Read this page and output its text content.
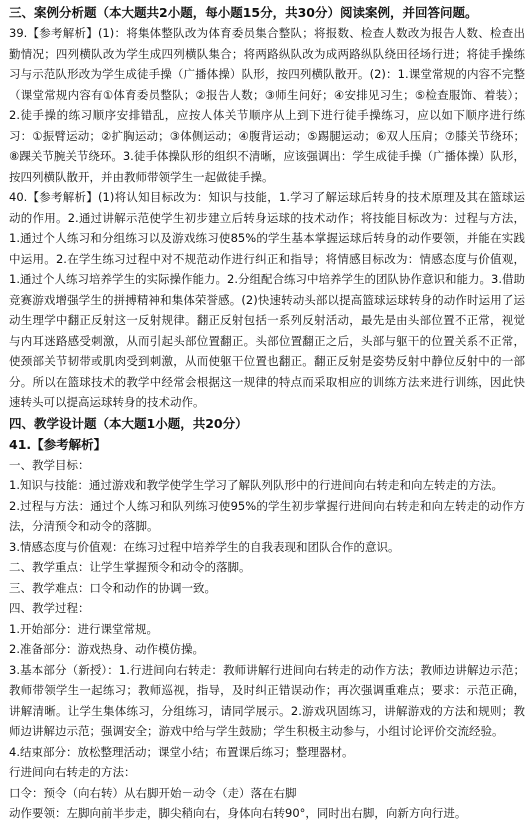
三、案例分析题（本大题共2小题，每小题15分，共30分）阅读案例，并回答问题。

39.【参考解析】(1)：将集体整队改为体育委员集合整队；将报数、检查人数改为报告人数、检查出勤情况；四列横队改为学生成四列横队集合；将两路纵队改为成两路纵队绕田径场行进；将徒手操练习与示范队形改为学生成徒手操（广播体操）队形，按四列横队散开。(2)：1.课堂常规的内容不完整（课堂常规内容有①体育委员整队；②报告人数；③师生问好；④安排见习生；⑤检查服饰、着装）；2.徒手操的练习顺序安排错乱，应按人体关节顺序从上到下进行徒手操练习，应以如下顺序进行练习：①振臂运动；②扩胸运动；③体侧运动；④腹背运动；⑤踢腿运动；⑥双人压肩；⑦膝关节绕环；⑧踝关节腕关节绕环。3.徒手体操队形的组织不清晰，应该强调出：学生成徒手操（广播体操）队形，按四列横队散开，并由教师带领学生一起做徒手操。

40.【参考解析】(1)将认知目标改为：知识与技能，1.学习了解运球后转身的技术原理及其在篮球运动的作用。2.通过讲解示范使学生初步建立后转身运球的技术动作；将技能目标改为：过程与方法，1.通过个人练习和分组练习以及游戏练习使85%的学生基本掌握运球后转身的动作要领，并能在实践中运用。2.在学生练习过程中对不规范动作进行纠正和指导；将情感目标改为：情感态度与价值观，1.通过个人练习培养学生的实际操作能力。2.分组配合练习中培养学生的团队协作意识和能力。3.借助竞赛游戏增强学生的拼搏精神和集体荣誉感。(2)快速转动头部以提高篮球运球转身的动作时运用了运动生理学中翻正反射这一反射规律。翻正反射包括一系列反射活动，最先是由头部位置不正常，视觉与内耳迷路感受刺激，从而引起头部位置翻正。头部位置翻正之后，头部与躯干的位置关系不正常，使颈部关节韧带或肌肉受到刺激，从而使躯干位置也翻正。翻正反射是姿势反射中静位反射中的一部分。所以在篮球技术的教学中经常会根据这一规律的特点而采取相应的训练方法来进行训练，因此快速转头可以提高运球转身的技术动作。

四、教学设计题（本大题1小题，共20分）
41.【参考解析】

一、教学目标：

1.知识与技能：通过游戏和教学使学生学习了解队列队形中的行进间向右转走和向左转走的方法。

2.过程与方法：通过个人练习和队列练习使95%的学生初步掌握行进间向右转走和向左转走的动作方法，分清预令和动令的落脚。

3.情感态度与价值观：在练习过程中培养学生的自我表现和团队合作的意识。

二、教学重点：让学生掌握预令和动令的落脚。

三、教学难点：口令和动作的协调一致。

四、教学过程：

1.开始部分：进行课堂常规。

2.准备部分：游戏热身、动作模仿操。

3.基本部分（新授）：1.行进间向右转走：教师讲解行进间向右转走的动作方法；教师边讲解边示范；教师带领学生一起练习；教师巡视，指导，及时纠正错误动作；再次强调重难点；要求：示范正确，讲解清晰。让学生集体练习，分组练习，请同学展示。2.游戏巩固练习，讲解游戏的方法和规则；教师边讲解边示范；强调安全；游戏中给与学生鼓励；学生积极主动参与，小组讨论评价交流经验。

4.结束部分：放松整理活动；课堂小结；布置课后练习；整理器材。

行进间向右转走的方法：

口令：预令（向右转）从右脚开始－动令（走）落在右脚

动作要领：左脚向前半步走，脚尖稍向右，身体向右转90°，同时出右脚，向新方向行进。
